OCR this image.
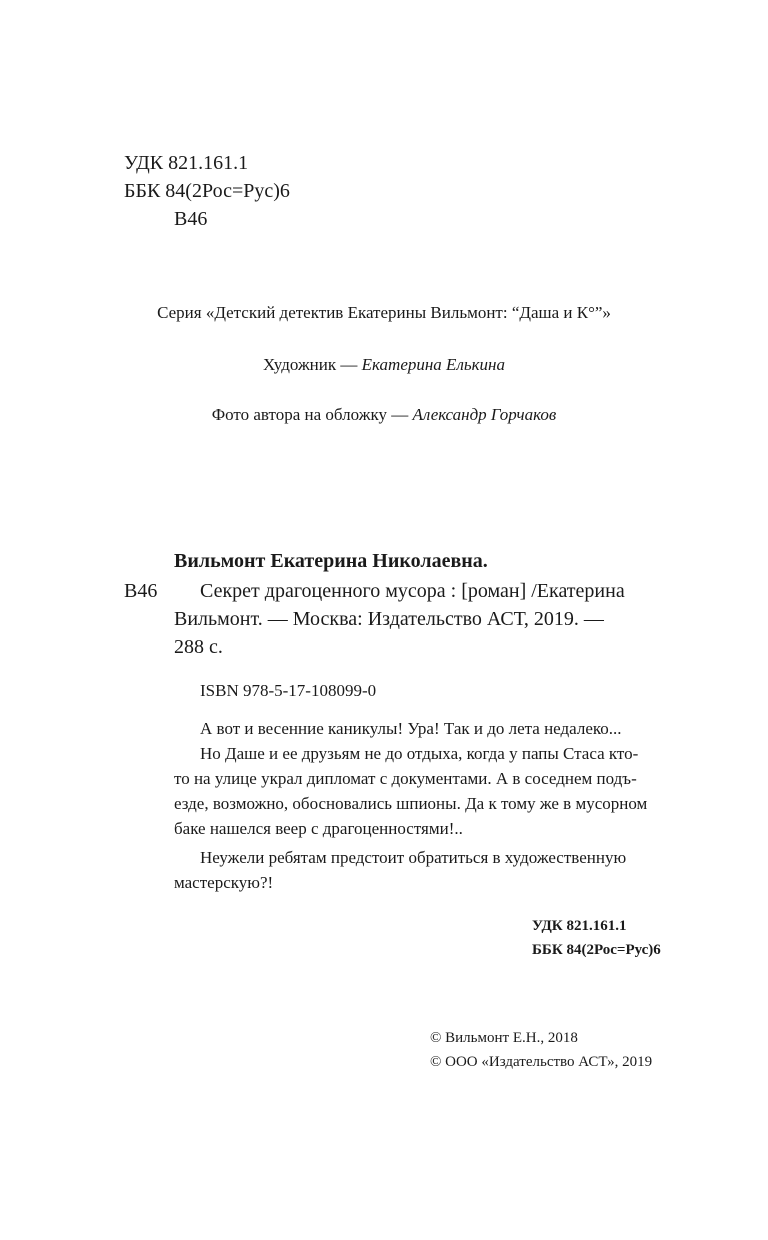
УДК 821.161.1
ББК 84(2Рос=Рус)6
В46
Серия «Детский детектив Екатерины Вильмонт: “Даша и К°”»
Художник — Екатерина Елькина
Фото автора на обложку — Александр Горчаков
Вильмонт Екатерина Николаевна.
В46 Секрет драгоценного мусора : [роман] /Екатерина
Вильмонт. — Москва: Издательство АСТ, 2019. —
288 с.
ISBN 978-5-17-108099-0
А вот и весенние каникулы! Ура! Так и до лета недалеко...
Но Даше и ее друзьям не до отдыха, когда у папы Стаса кто-
то на улице украл дипломат с документами. А в соседнем подъ-
езде, возможно, обосновались шпионы. Да к тому же в мусорном
баке нашелся веер с драгоценностями!..
Неужели ребятам предстоит обратиться в художественную
мастерскую?!
УДК 821.161.1
ББК 84(2Рос=Рус)6
© Вильмонт Е.Н., 2018
© ООО «Издательство АСТ», 2019
